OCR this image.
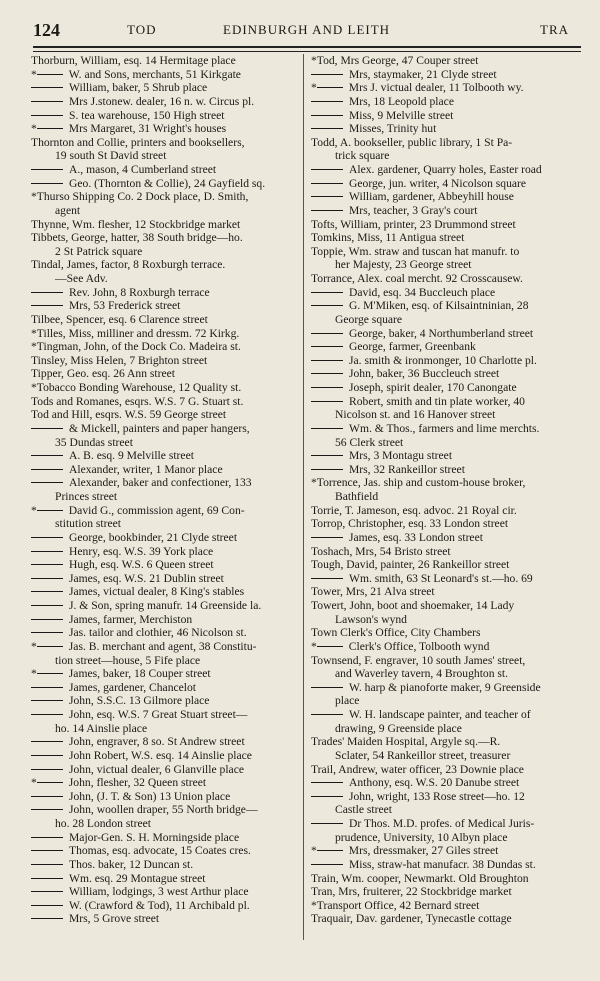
124	TOD	EDINBURGH AND LEITH	TRA
Thorburn, William, esq. 14 Hermitage place
*	W. and Sons, merchants, 51 Kirkgate
William, baker, 5 Shrub place
Mrs J.stonew. dealer, 16 n. w. Circus pl.
S. tea warehouse, 150 High street
*	Mrs Margaret, 31 Wright's houses
Thornton and Collie, printers and booksellers,
19 south St David street
A., mason, 4 Cumberland street
Geo. (Thornton & Collie), 24 Gayfield sq.
*Thurso Shipping Co. 2 Dock place, D. Smith,
agent
Thynne, Wm. flesher, 12 Stockbridge market
Tibbets, George, hatter, 38 South bridge—ho.
2 St Patrick square
Tindal, James, factor, 8 Roxburgh terrace.
—See Adv.
Rev. John, 8 Roxburgh terrace
Mrs, 53 Frederick street
Tilbee, Spencer, esq. 6 Clarence street
*Tilles, Miss, milliner and dressm. 72 Kirkg.
*Tingman, John, of the Dock Co. Madeira st.
Tinsley, Miss Helen, 7 Brighton street
Tipper, Geo. esq. 26 Ann street
*Tobacco Bonding Warehouse, 12 Quality st.
Tods and Romanes, esqrs. W.S. 7 G. Stuart st.
Tod and Hill, esqrs. W.S. 59 George street
& Mickell, painters and paper hangers,
35 Dundas street
A. B. esq. 9 Melville street
Alexander, writer, 1 Manor place
Alexander, baker and confectioner, 133
Princes street
*	David G., commission agent, 69 Con-
stitution street
George, bookbinder, 21 Clyde street
Henry, esq. W.S. 39 York place
Hugh, esq. W.S. 6 Queen street
James, esq. W.S. 21 Dublin street
James, victual dealer, 8 King's stables
J. & Son, spring manufr. 14 Greenside la.
James, farmer, Merchiston
Jas. tailor and clothier, 46 Nicolson st.
*	Jas. B. merchant and agent, 38 Constitu-
tion street—house, 5 Fife place
*	James, baker, 18 Couper street
James, gardener, Chancelot
John, S.S.C. 13 Gilmore place
John, esq. W.S. 7 Great Stuart street—
ho. 14 Ainslie place
John, engraver, 8 so. St Andrew street
John Robert, W.S. esq. 14 Ainslie place
John, victual dealer, 6 Glanville place
*	John, flesher, 32 Queen street
John, (J. T. & Son) 13 Union place
John, woollen draper, 55 North bridge—
ho. 28 London street
Major-Gen. S. H. Morningside place
Thomas, esq. advocate, 15 Coates cres.
Thos. baker, 12 Duncan st.
Wm. esq. 29 Montague street
William, lodgings, 3 west Arthur place
W. (Crawford & Tod), 11 Archibald pl.
Mrs, 5 Grove street
*Tod, Mrs George, 47 Couper street
Mrs, staymaker, 21 Clyde street
*	Mrs J. victual dealer, 11 Tolbooth wy.
Mrs, 18 Leopold place
Miss, 9 Melville street
Misses, Trinity hut
Todd, A. bookseller, public library, 1 St Pa-
trick square
Alex. gardener, Quarry holes, Easter road
George, jun. writer, 4 Nicolson square
William, gardener, Abbeyhill house
Mrs, teacher, 3 Gray's court
Tofts, William, printer, 23 Drummond street
Tomkins, Miss, 11 Antigua street
Toppie, Wm. straw and tuscan hat manufr. to
her Majesty, 23 George street
Torrance, Alex. coal mercht. 92 Crosscausew.
David, esq. 34 Buccleuch place
G. M'Miken, esq. of Kilsaintninian, 28
George square
George, baker, 4 Northumberland street
George, farmer, Greenbank
Ja. smith & ironmonger, 10 Charlotte pl.
John, baker, 36 Buccleuch street
Joseph, spirit dealer, 170 Canongate
Robert, smith and tin plate worker, 40
Nicolson st. and 16 Hanover street
Wm. & Thos., farmers and lime merchts.
56 Clerk street
Mrs, 3 Montagu street
Mrs, 32 Rankeillor street
*Torrence, Jas. ship and custom-house broker,
Bathfield
Torrie, T. Jameson, esq. advoc. 21 Royal cir.
Torrop, Christopher, esq. 33 London street
James, esq. 33 London street
Toshach, Mrs, 54 Bristo street
Tough, David, painter, 26 Rankeillor street
Wm. smith, 63 St Leonard's st.—ho. 69
Tower, Mrs, 21 Alva street
Towert, John, boot and shoemaker, 14 Lady
Lawson's wynd
Town Clerk's Office, City Chambers
*	Clerk's Office, Tolbooth wynd
Townsend, F. engraver, 10 south James' street,
and Waverley tavern, 4 Broughton st.
W. harp & pianoforte maker, 9 Greenside
place
W. H. landscape painter, and teacher of
drawing, 9 Greenside place
Trades' Maiden Hospital, Argyle sq.—R.
Sclater, 54 Rankeillor street, treasurer
Trail, Andrew, water officer, 23 Downie place
Anthony, esq. W.S. 20 Danube street
John, wright, 133 Rose street—ho. 12
Castle street
Dr Thos. M.D. profes. of Medical Juris-
prudence, University, 10 Albyn place
*	Mrs, dressmaker, 27 Giles street
Miss, straw-hat manufacr. 38 Dundas st.
Train, Wm. cooper, Newmarkt. Old Broughton
Tran, Mrs, fruiterer, 22 Stockbridge market
*Transport Office, 42 Bernard street
Traquair, Dav. gardener, Tynecastle cottage
